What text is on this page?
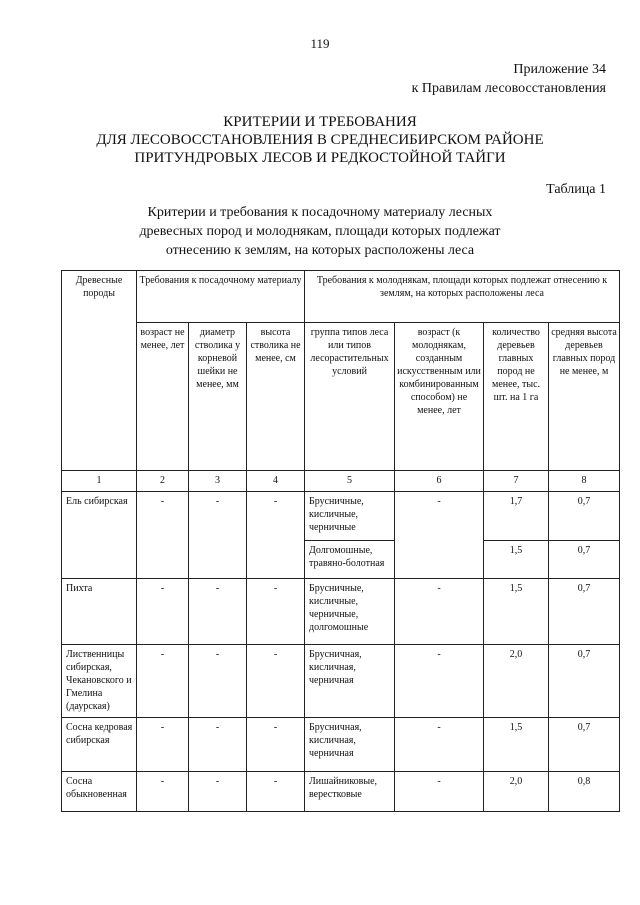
119
Приложение 34
к Правилам лесовосстановления
КРИТЕРИИ И ТРЕБОВАНИЯ
ДЛЯ ЛЕСОВОССТАНОВЛЕНИЯ В СРЕДНЕСИБИРСКОМ РАЙОНЕ
ПРИТУНДРОВЫХ ЛЕСОВ И РЕДКОСТОЙНОЙ ТАЙГИ
Таблица 1
Критерии и требования к посадочному материалу лесных
древесных пород и молоднякам, площади которых подлежат
отнесению к землям, на которых расположены леса
Древесные породы	Требования к посадочному материалу			Требования к молоднякам, площади которых подлежат отнесению к землям, на которых расположены леса			
	возраст не менее, лет	диаметр стволика у корневой шейки не менее, мм	высота стволика не менее, см	группа типов леса или типов лесорастительных условий	возраст (к молоднякам, созданным искусственным или комбинированным способом) не менее, лет	количество деревьев главных пород не менее, тыс. шт. на 1 га	средняя высота деревьев главных пород не менее, м
1	2	3	4	5	6	7	8
Ель сибирская	-	-	-	Брусничные, кисличные, черничные	-	1,7	0,7
				Долгомошные, травяно-болотная		1,5	0,7
Пихта	-	-	-	Брусничные, кисличные, черничные, долгомошные	-	1,5	0,7
Лиственницы сибирская, Чекановского и Гмелина (даурская)	-	-	-	Брусничная, кисличная, черничная	-	2,0	0,7
Сосна кедровая сибирская	-	-	-	Брусничная, кисличная, черничная	-	1,5	0,7
Сосна обыкновенная	-	-	-	Лишайниковые, верестковые	-	2,0	0,8
